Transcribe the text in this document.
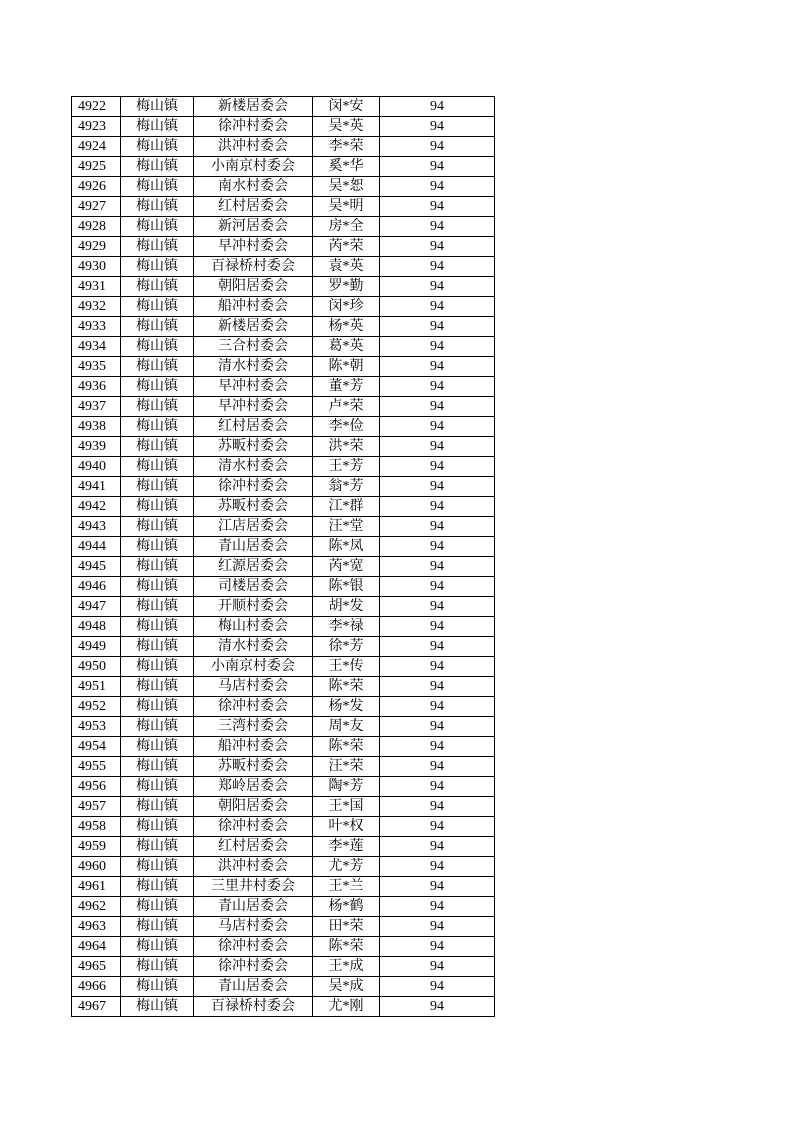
4922	梅山镇	新楼居委会	闵*安	94
4923	梅山镇	徐冲村委会	吴*英	94
4924	梅山镇	洪冲村委会	李*荣	94
4925	梅山镇	小南京村委会	奚*华	94
4926	梅山镇	南水村委会	吴*恕	94
4927	梅山镇	红村居委会	吴*明	94
4928	梅山镇	新河居委会	房*全	94
4929	梅山镇	早冲村委会	芮*荣	94
4930	梅山镇	百禄桥村委会	袁*英	94
4931	梅山镇	朝阳居委会	罗*勤	94
4932	梅山镇	船冲村委会	闵*珍	94
4933	梅山镇	新楼居委会	杨*英	94
4934	梅山镇	三合村委会	葛*英	94
4935	梅山镇	清水村委会	陈*朝	94
4936	梅山镇	早冲村委会	董*芳	94
4937	梅山镇	早冲村委会	卢*荣	94
4938	梅山镇	红村居委会	李*俭	94
4939	梅山镇	苏畈村委会	洪*荣	94
4940	梅山镇	清水村委会	王*芳	94
4941	梅山镇	徐冲村委会	翁*芳	94
4942	梅山镇	苏畈村委会	江*群	94
4943	梅山镇	江店居委会	汪*堂	94
4944	梅山镇	青山居委会	陈*凤	94
4945	梅山镇	红源居委会	芮*宽	94
4946	梅山镇	司楼居委会	陈*银	94
4947	梅山镇	开顺村委会	胡*发	94
4948	梅山镇	梅山村委会	李*禄	94
4949	梅山镇	清水村委会	徐*芳	94
4950	梅山镇	小南京村委会	王*传	94
4951	梅山镇	马店村委会	陈*荣	94
4952	梅山镇	徐冲村委会	杨*发	94
4953	梅山镇	三湾村委会	周*友	94
4954	梅山镇	船冲村委会	陈*荣	94
4955	梅山镇	苏畈村委会	汪*荣	94
4956	梅山镇	郑岭居委会	陶*芳	94
4957	梅山镇	朝阳居委会	王*国	94
4958	梅山镇	徐冲村委会	叶*权	94
4959	梅山镇	红村居委会	李*莲	94
4960	梅山镇	洪冲村委会	尤*芳	94
4961	梅山镇	三里井村委会	王*兰	94
4962	梅山镇	青山居委会	杨*鹤	94
4963	梅山镇	马店村委会	田*荣	94
4964	梅山镇	徐冲村委会	陈*荣	94
4965	梅山镇	徐冲村委会	王*成	94
4966	梅山镇	青山居委会	吴*成	94
4967	梅山镇	百禄桥村委会	尤*刚	94
